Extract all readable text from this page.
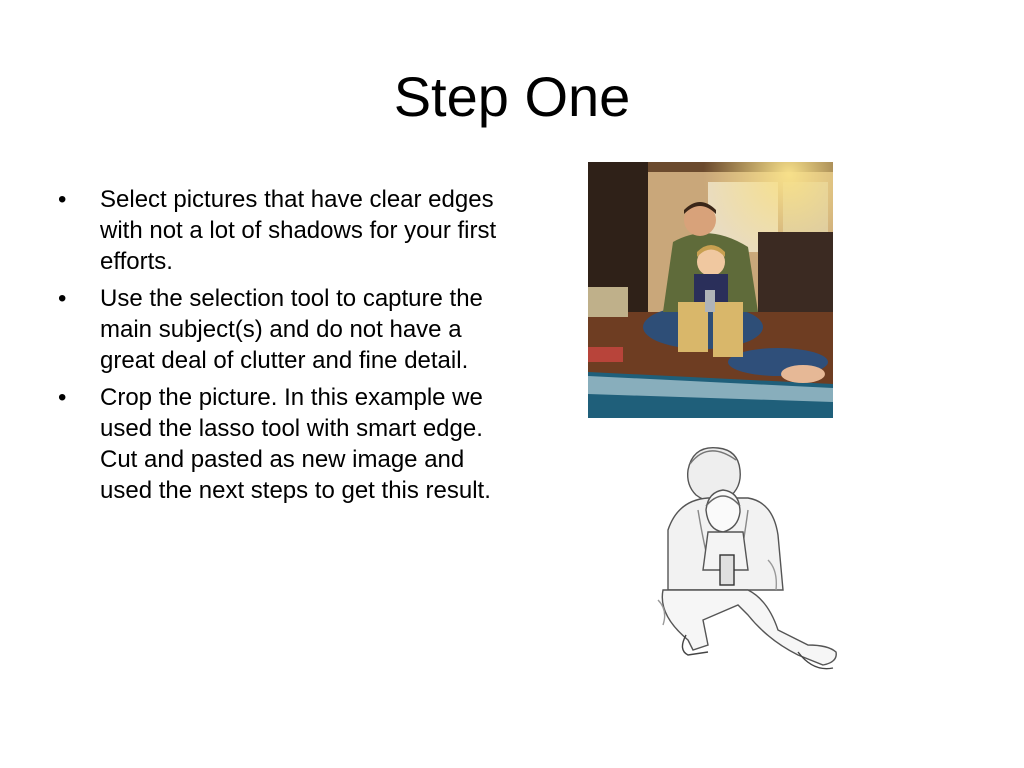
Step One
• Select pictures that have clear edges with not a lot of shadows for your first efforts.
• Use the selection tool to capture the main subject(s) and do not have a great deal of clutter and fine detail.
• Crop the picture. In this example we used the lasso tool with smart edge. Cut and pasted as new image and used the next steps to get this result.
